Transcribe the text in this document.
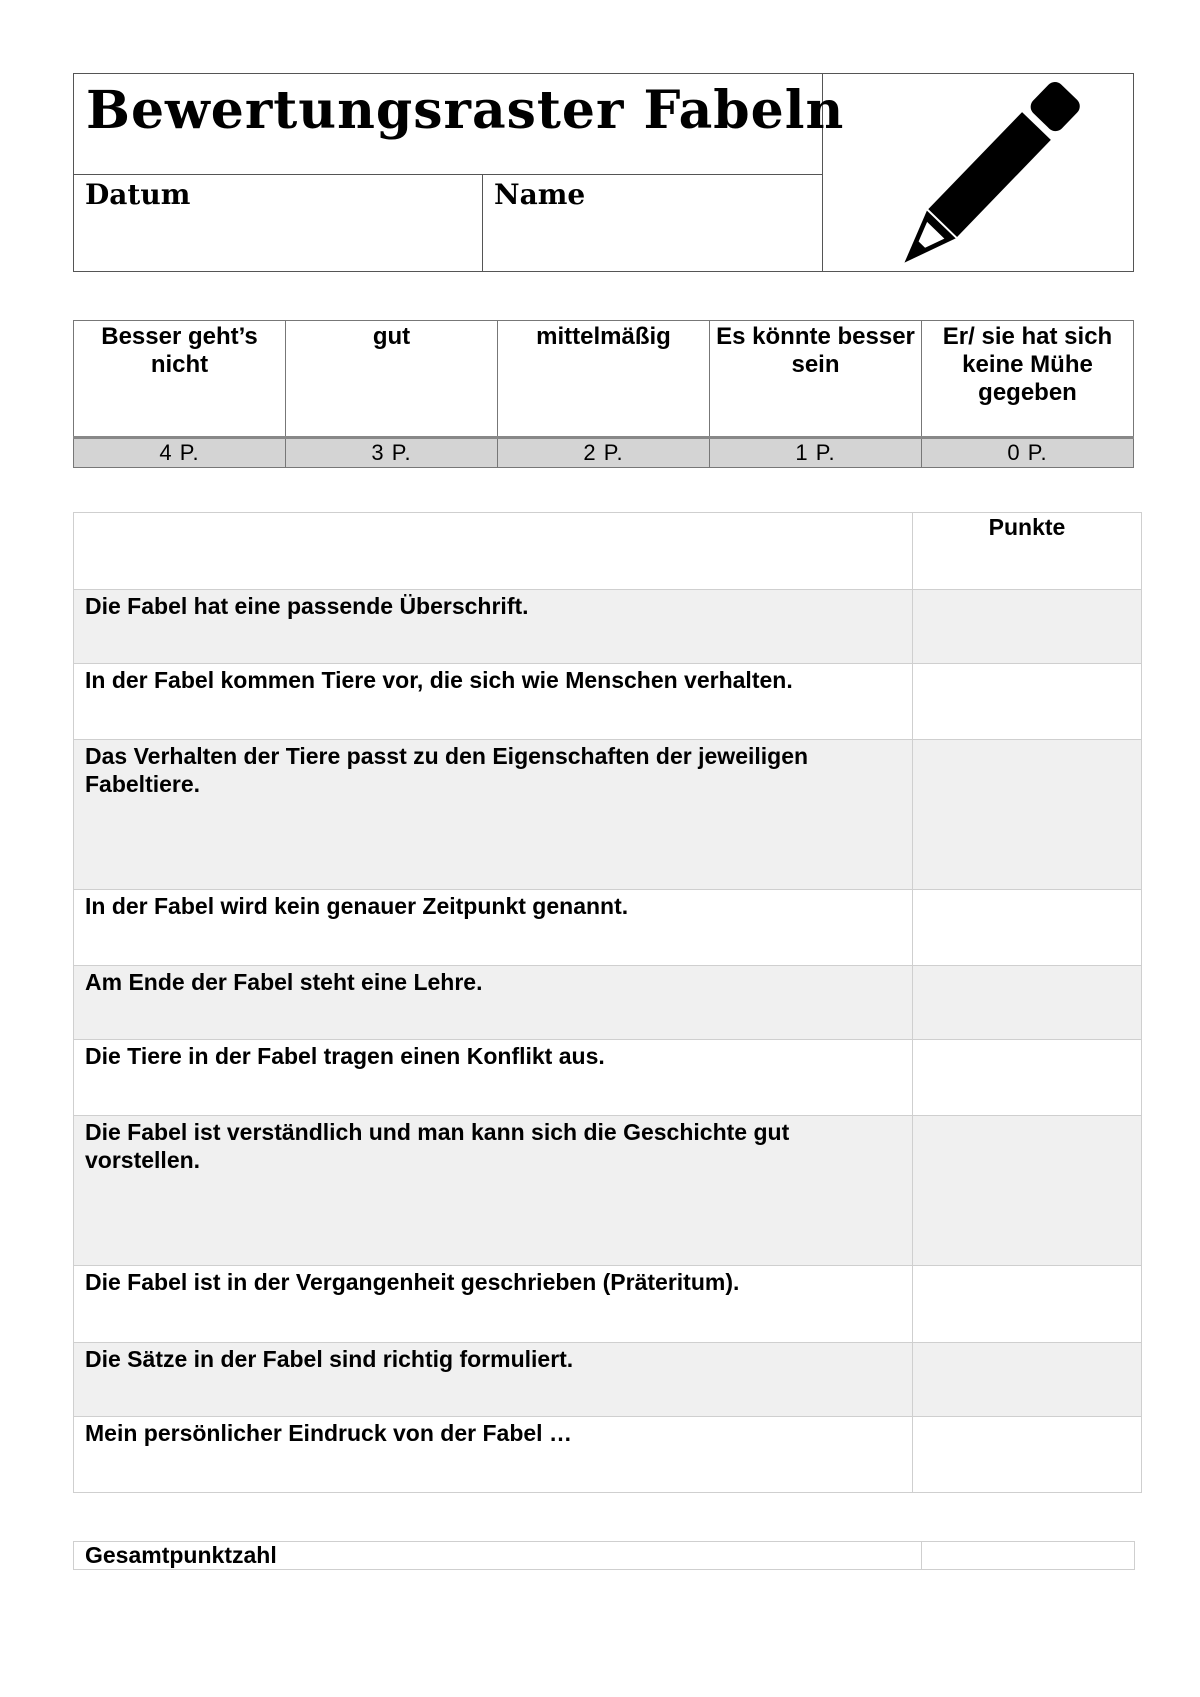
Bewertungsraster Fabeln
Datum	Name
Besser geht’s nicht	gut	mittelmäßig	Es könnte besser sein	Er/ sie hat sich keine Mühe gegeben
4 P.	3 P.	2 P.	1 P.	0 P.
	Punkte
Die Fabel hat eine passende Überschrift.	
In der Fabel kommen Tiere vor, die sich wie Menschen verhalten.	
Das Verhalten der Tiere passt zu den Eigenschaften der jeweiligen Fabeltiere.	
In der Fabel wird kein genauer Zeitpunkt genannt.	
Am Ende der Fabel steht eine Lehre.	
Die Tiere in der Fabel tragen einen Konflikt aus.	
Die Fabel ist verständlich und man kann sich die Geschichte gut vorstellen.	
Die Fabel ist in der Vergangenheit geschrieben (Präteritum).	
Die Sätze in der Fabel sind richtig formuliert.	
Mein persönlicher Eindruck von der Fabel …	
Gesamtpunktzahl	
